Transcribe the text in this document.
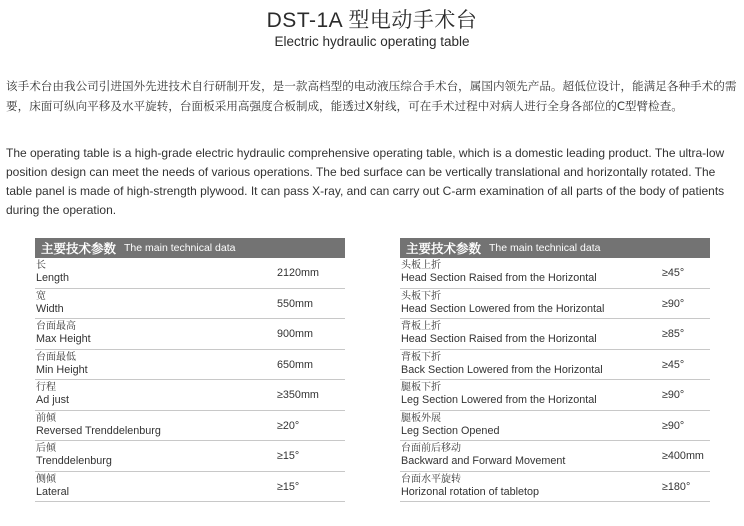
DST-1A 型电动手术台
Electric hydraulic operating table

该手术台由我公司引进国外先进技术自行研制开发，是一款高档型的电动液压综合手术台，属国内领先产品。超低位设计，能满足各种手术的需要，床面可纵向平移及水平旋转，台面板采用高强度合板制成，能透过X射线，可在手术过程中对病人进行全身各部位的C型臂检查。

The operating table is a high-grade electric hydraulic comprehensive operating table, which is a domestic leading product. The ultra-low position design can meet the needs of various operations. The bed surface can be vertically translational and horizontally rotated. The table panel is made of high-strength plywood. It can pass X-ray, and can carry out C-arm examination of all parts of the body of patients during the operation.

主要技术参数 The main technical data
长
Length	2120mm
宽
Width	550mm
台面最高
Max Height	900mm
台面最低
Min Height	650mm
行程
Ad just	≥350mm
前倾
Reversed Trenddelenburg	≥20°
后倾
Trenddelenburg	≥15°
侧倾
Lateral	≥15°
主要技术参数 The main technical data
头板上折
Head Section Raised from the Horizontal	≥45°
头板下折
Head Section Lowered from the Horizontal	≥90°
背板上折
Head Section Raised from the Horizontal	≥85°
背板下折
Back Section Lowered from the Horizontal	≥45°
腿板下折
Leg Section Lowered from the Horizontal	≥90°
腿板外展
Leg Section Opened	≥90°
台面前后移动
Backward and Forward Movement	≥400mm
台面水平旋转
Horizonal rotation of tabletop	≥180°
